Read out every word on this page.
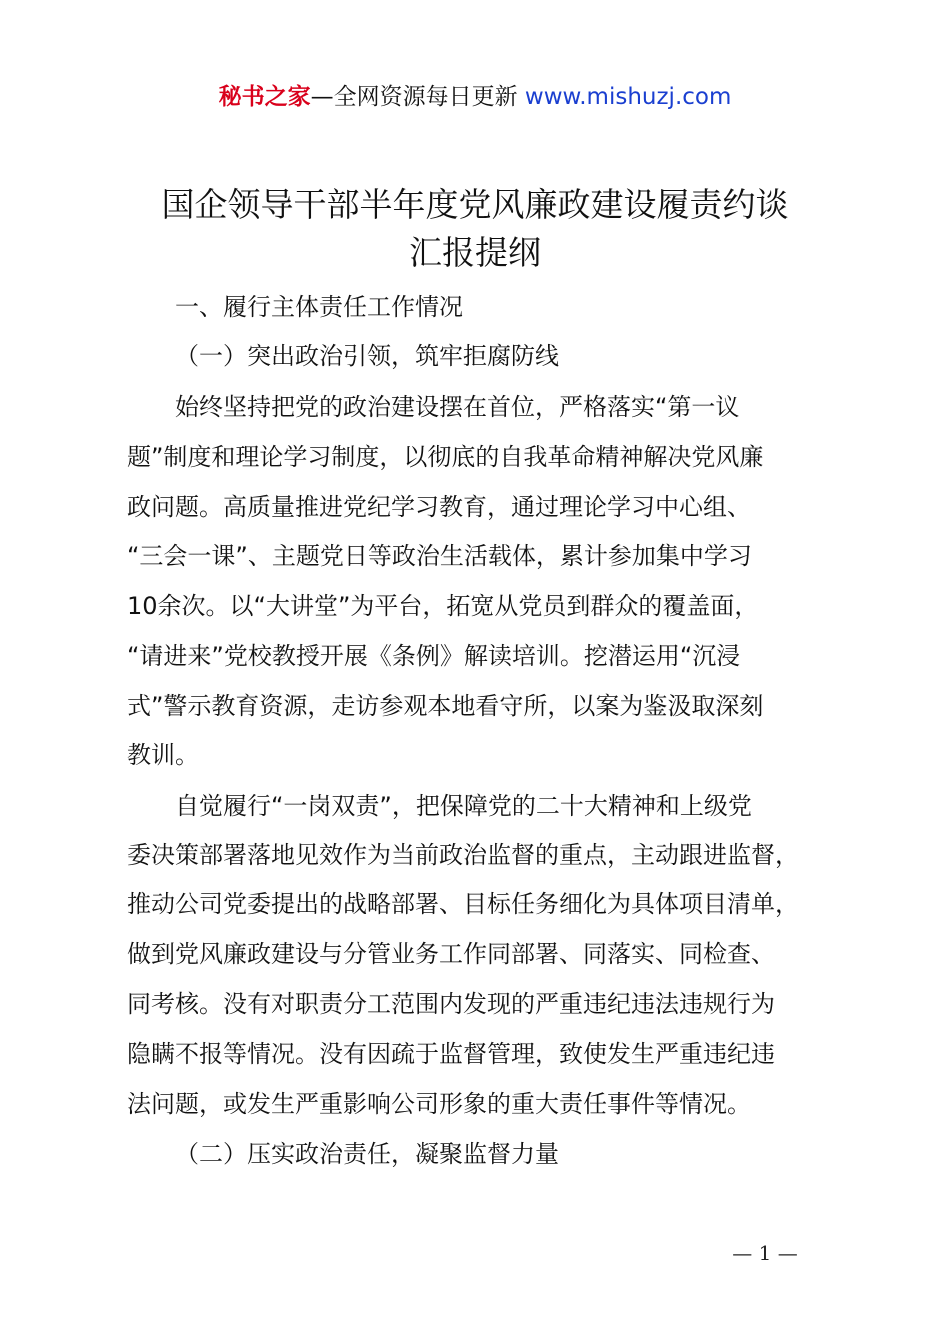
秘书之家—全网资源每日更新 www.mishuzj.com
国企领导干部半年度党风廉政建设履责约谈
汇报提纲
一、履行主体责任工作情况
（一）突出政治引领，筑牢拒腐防线
始终坚持把党的政治建设摆在首位，严格落实“第一议
题”制度和理论学习制度，以彻底的自我革命精神解决党风廉
政问题。高质量推进党纪学习教育，通过理论学习中心组、
“三会一课”、主题党日等政治生活载体，累计参加集中学习
10余次。以“大讲堂”为平台，拓宽从党员到群众的覆盖面，
“请进来”党校教授开展《条例》解读培训。挖潜运用“沉浸
式”警示教育资源，走访参观本地看守所，以案为鉴汲取深刻
教训。
自觉履行“一岗双责”，把保障党的二十大精神和上级党
委决策部署落地见效作为当前政治监督的重点，主动跟进监督，
推动公司党委提出的战略部署、目标任务细化为具体项目清单，
做到党风廉政建设与分管业务工作同部署、同落实、同检查、
同考核。没有对职责分工范围内发现的严重违纪违法违规行为
隐瞒不报等情况。没有因疏于监督管理，致使发生严重违纪违
法问题，或发生严重影响公司形象的重大责任事件等情况。
（二）压实政治责任，凝聚监督力量
— 1 —
